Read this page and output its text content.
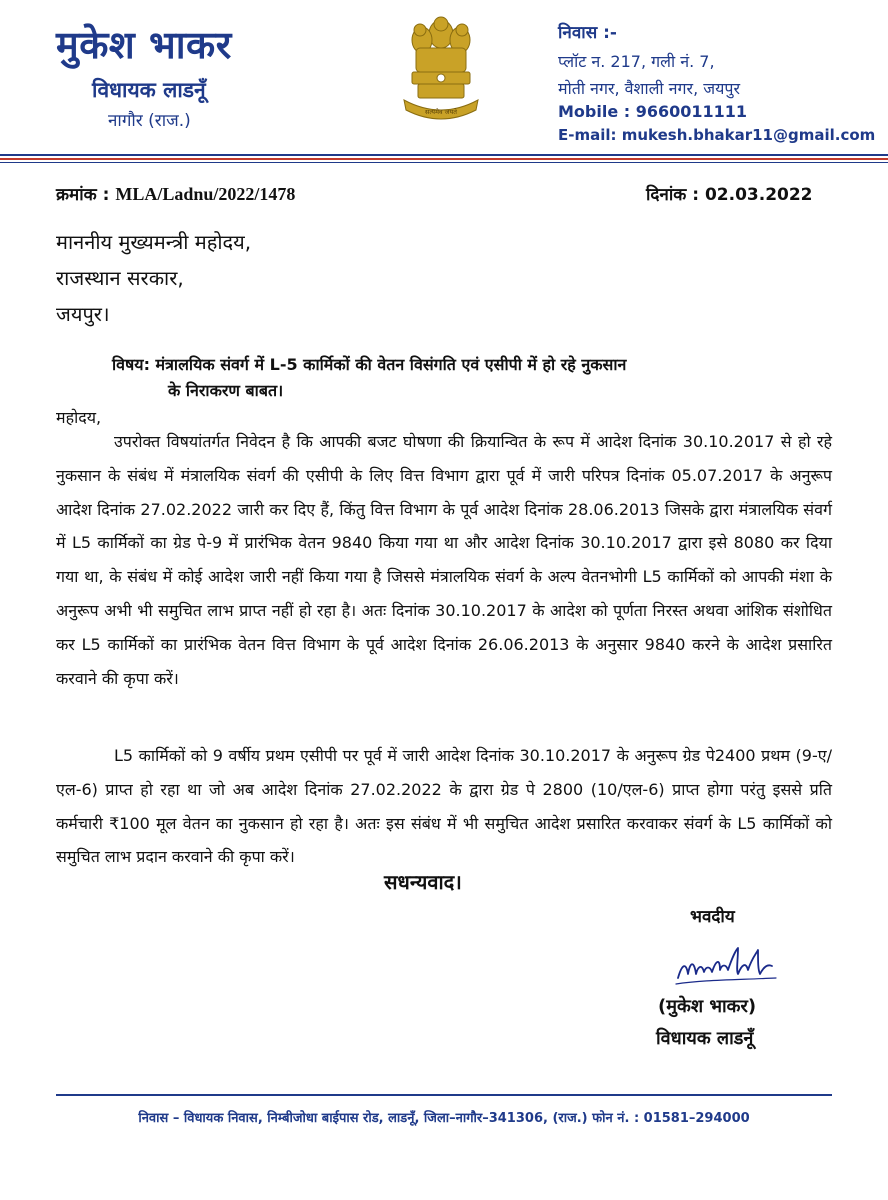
मुकेश भाकर
विधायक लाडनूँ
नागौर (राज.)	सत्यमेव जयते
निवास :-
प्लॉट न. 217, गली नं. 7,
मोती नगर, वैशाली नगर, जयपुर
Mobile : 9660011111
E-mail: mukesh.bhakar11@gmail.com
क्रमांक : MLA/Ladnu/2022/1478	दिनांक : 02.03.2022
माननीय मुख्यमन्त्री महोदय,
राजस्थान सरकार,
जयपुर।
विषय: मंत्रालयिक संवर्ग में L-5 कार्मिकों की वेतन विसंगति एवं एसीपी में हो रहे नुकसान
के निराकरण बाबत।
महोदय,
उपरोक्त विषयांतर्गत निवेदन है कि आपकी बजट घोषणा की क्रियान्वित के रूप में आदेश दिनांक 30.10.2017 से हो रहे नुकसान के संबंध में मंत्रालयिक संवर्ग की एसीपी के लिए वित्त विभाग द्वारा पूर्व में जारी परिपत्र दिनांक 05.07.2017 के अनुरूप आदेश दिनांक 27.02.2022 जारी कर दिए हैं, किंतु वित्त विभाग के पूर्व आदेश दिनांक 28.06.2013 जिसके द्वारा मंत्रालयिक संवर्ग में L5 कार्मिकों का ग्रेड पे-9 में प्रारंभिक वेतन 9840 किया गया था और आदेश दिनांक 30.10.2017 द्वारा इसे 8080 कर दिया गया था, के संबंध में कोई आदेश जारी नहीं किया गया है जिससे मंत्रालयिक संवर्ग के अल्प वेतनभोगी L5 कार्मिकों को आपकी मंशा के अनुरूप अभी भी समुचित लाभ प्राप्त नहीं हो रहा है। अतः दिनांक 30.10.2017 के आदेश को पूर्णता निरस्त अथवा आंशिक संशोधित कर L5 कार्मिकों का प्रारंभिक वेतन वित्त विभाग के पूर्व आदेश दिनांक 26.06.2013 के अनुसार 9840 करने के आदेश प्रसारित करवाने की कृपा करें।
L5 कार्मिकों को 9 वर्षीय प्रथम एसीपी पर पूर्व में जारी आदेश दिनांक 30.10.2017 के अनुरूप ग्रेड पे2400 प्रथम (9-ए/एल-6) प्राप्त हो रहा था जो अब आदेश दिनांक 27.02.2022 के द्वारा ग्रेड पे 2800 (10/एल-6) प्राप्त होगा परंतु इससे प्रति कर्मचारी ₹100 मूल वेतन का नुकसान हो रहा है। अतः इस संबंध में भी समुचित आदेश प्रसारित करवाकर संवर्ग के L5 कार्मिकों को समुचित लाभ प्रदान करवाने की कृपा करें।
सधन्यवाद।
भवदीय
(मुकेश भाकर)
विधायक लाडनूँ
निवास – विधायक निवास, निम्बीजोधा बाईपास रोड, लाडनूँ, जिला–नागौर–341306, (राज.) फोन नं. : 01581–294000
